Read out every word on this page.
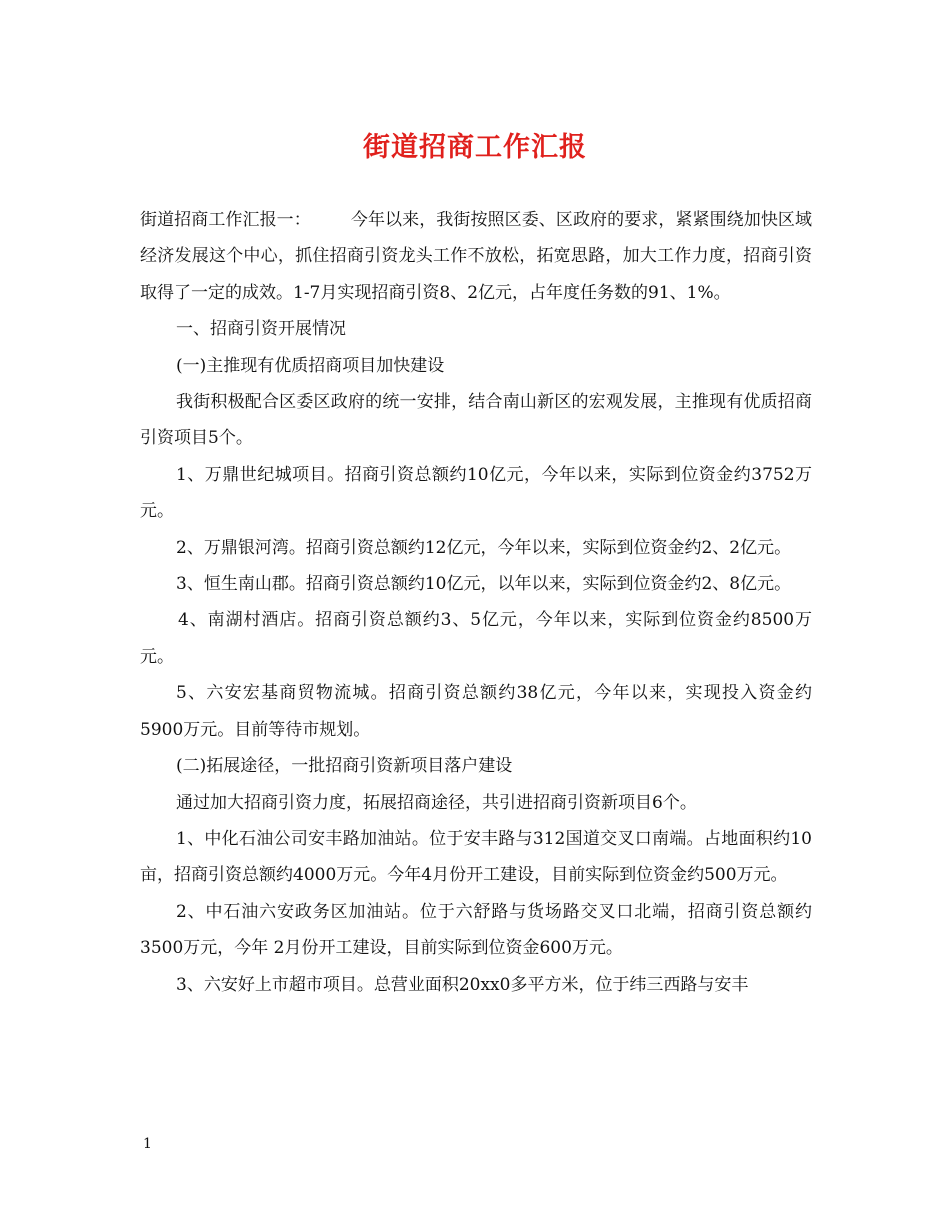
街道招商工作汇报

街道招商工作汇报一： 今年以来，我街按照区委、区政府的要求，紧紧围绕加快区域经济发展这个中心，抓住招商引资龙头工作不放松，拓宽思路，加大工作力度，招商引资取得了一定的成效。1-7月实现招商引资8、2亿元，占年度任务数的91、1%。

一、招商引资开展情况

(一)主推现有优质招商项目加快建设

我街积极配合区委区政府的统一安排，结合南山新区的宏观发展，主推现有优质招商引资项目5个。

1、万鼎世纪城项目。招商引资总额约10亿元，今年以来，实际到位资金约3752万元。

2、万鼎银河湾。招商引资总额约12亿元，今年以来，实际到位资金约2、2亿元。

3、恒生南山郡。招商引资总额约10亿元，以年以来，实际到位资金约2、8亿元。

4、南湖村酒店。招商引资总额约3、5亿元，今年以来，实际到位资金约8500万元。

5、六安宏基商贸物流城。招商引资总额约38亿元，今年以来，实现投入资金约5900万元。目前等待市规划。

(二)拓展途径，一批招商引资新项目落户建设

通过加大招商引资力度，拓展招商途径，共引进招商引资新项目6个。

1、中化石油公司安丰路加油站。位于安丰路与312国道交叉口南端。占地面积约10亩，招商引资总额约4000万元。今年4月份开工建设，目前实际到位资金约500万元。

2、中石油六安政务区加油站。位于六舒路与货场路交叉口北端，招商引资总额约3500万元，今年 2月份开工建设，目前实际到位资金600万元。

3、六安好上市超市项目。总营业面积20xx0多平方米，位于纬三西路与安丰

1
